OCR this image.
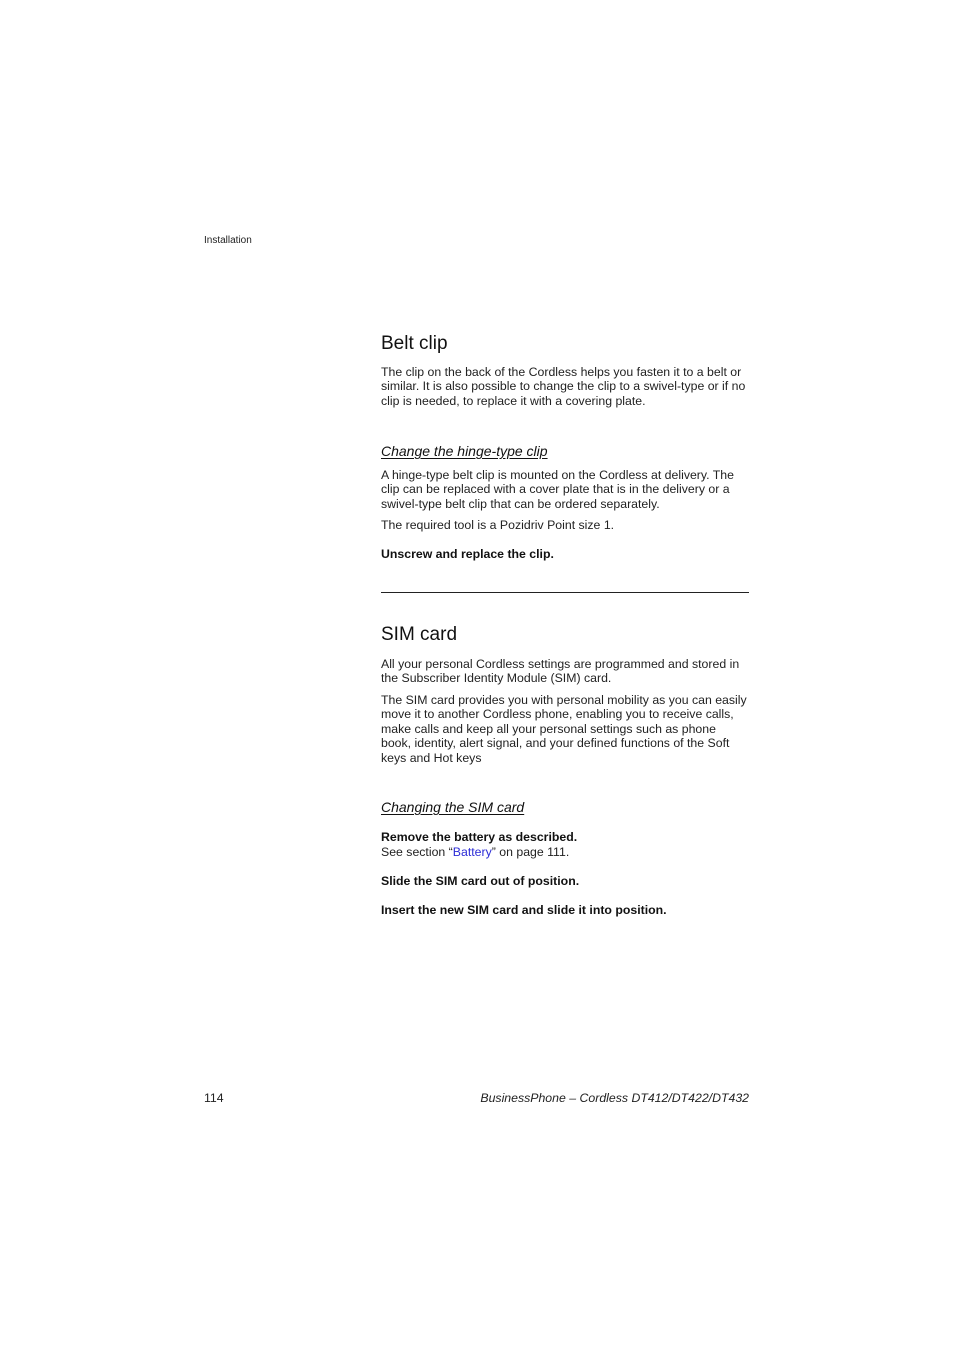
Installation
Belt clip

The clip on the back of the Cordless helps you fasten it to a belt or similar. It is also possible to change the clip to a swivel-type or if no clip is needed, to replace it with a covering plate.

Change the hinge-type clip

A hinge-type belt clip is mounted on the Cordless at delivery. The clip can be replaced with a cover plate that is in the delivery or a swivel-type belt clip that can be ordered separately.

The required tool is a Pozidriv Point size 1.

Unscrew and replace the clip.

SIM card

All your personal Cordless settings are programmed and stored in the Subscriber Identity Module (SIM) card.

The SIM card provides you with personal mobility as you can easily move it to another Cordless phone, enabling you to receive calls, make calls and keep all your personal settings such as phone book, identity, alert signal, and your defined functions of the Soft keys and Hot keys

Changing the SIM card

Remove the battery as described.

See section “Battery” on page 111.

Slide the SIM card out of position.

Insert the new SIM card and slide it into position.

114	BusinessPhone – Cordless DT412/DT422/DT432
